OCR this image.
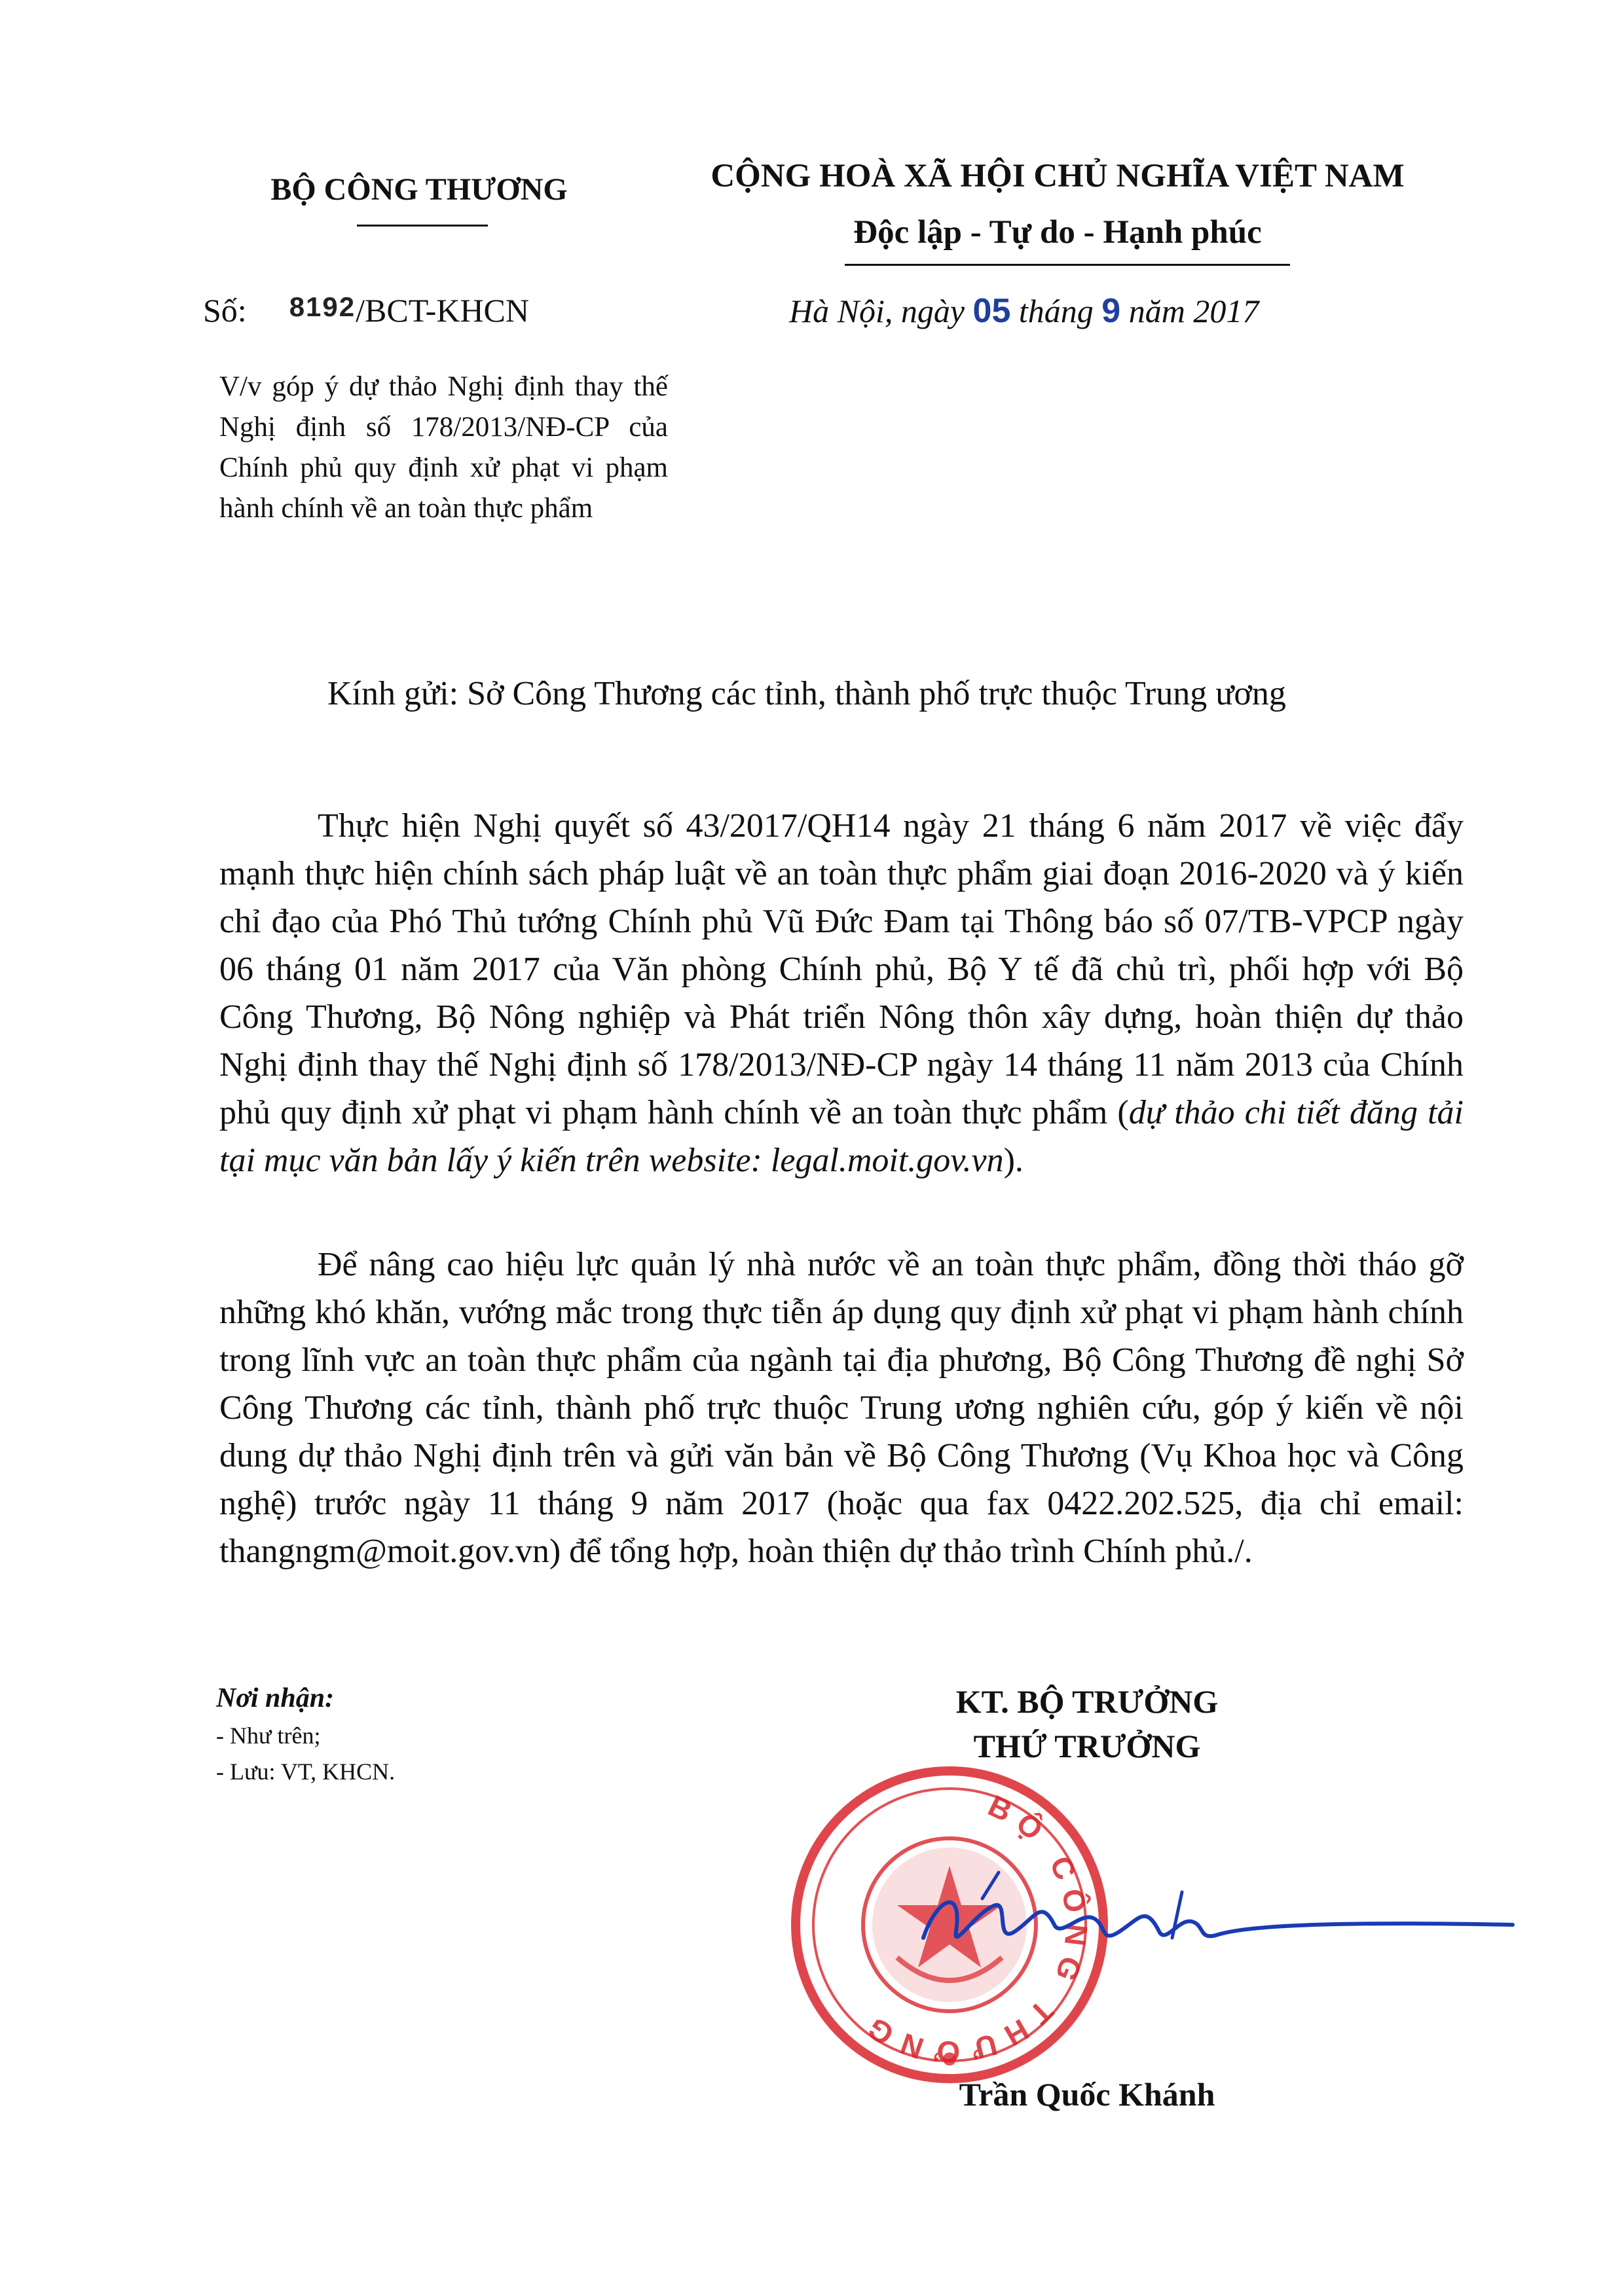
BỘ CÔNG THƯƠNG	CỘNG HOÀ XÃ HỘI CHỦ NGHĨA VIỆT NAM
Độc lập - Tự do - Hạnh phúc
Số: 8192/BCT-KHCN	Hà Nội, ngày 05 tháng 9 năm 2017
V/v góp ý dự thảo Nghị định thay thế Nghị định số 178/2013/NĐ-CP của Chính phủ quy định xử phạt vi phạm hành chính về an toàn thực phẩm
Kính gửi: Sở Công Thương các tỉnh, thành phố trực thuộc Trung ương
Thực hiện Nghị quyết số 43/2017/QH14 ngày 21 tháng 6 năm 2017 về việc đẩy mạnh thực hiện chính sách pháp luật về an toàn thực phẩm giai đoạn 2016-2020 và ý kiến chỉ đạo của Phó Thủ tướng Chính phủ Vũ Đức Đam tại Thông báo số 07/TB-VPCP ngày 06 tháng 01 năm 2017 của Văn phòng Chính phủ, Bộ Y tế đã chủ trì, phối hợp với Bộ Công Thương, Bộ Nông nghiệp và Phát triển Nông thôn xây dựng, hoàn thiện dự thảo Nghị định thay thế Nghị định số 178/2013/NĐ-CP ngày 14 tháng 11 năm 2013 của Chính phủ quy định xử phạt vi phạm hành chính về an toàn thực phẩm (dự thảo chi tiết đăng tải tại mục văn bản lấy ý kiến trên website: legal.moit.gov.vn).
Để nâng cao hiệu lực quản lý nhà nước về an toàn thực phẩm, đồng thời tháo gỡ những khó khăn, vướng mắc trong thực tiễn áp dụng quy định xử phạt vi phạm hành chính trong lĩnh vực an toàn thực phẩm của ngành tại địa phương, Bộ Công Thương đề nghị Sở Công Thương các tỉnh, thành phố trực thuộc Trung ương nghiên cứu, góp ý kiến về nội dung dự thảo Nghị định trên và gửi văn bản về Bộ Công Thương (Vụ Khoa học và Công nghệ) trước ngày 11 tháng 9 năm 2017 (hoặc qua fax 0422.202.525, địa chỉ email: thangngm@moit.gov.vn) để tổng hợp, hoàn thiện dự thảo trình Chính phủ./.
Nơi nhận:
- Như trên;
- Lưu: VT, KHCN.
KT. BỘ TRƯỞNG
THỨ TRƯỞNG
BỘ CÔNG THƯƠNG
Trần Quốc Khánh
